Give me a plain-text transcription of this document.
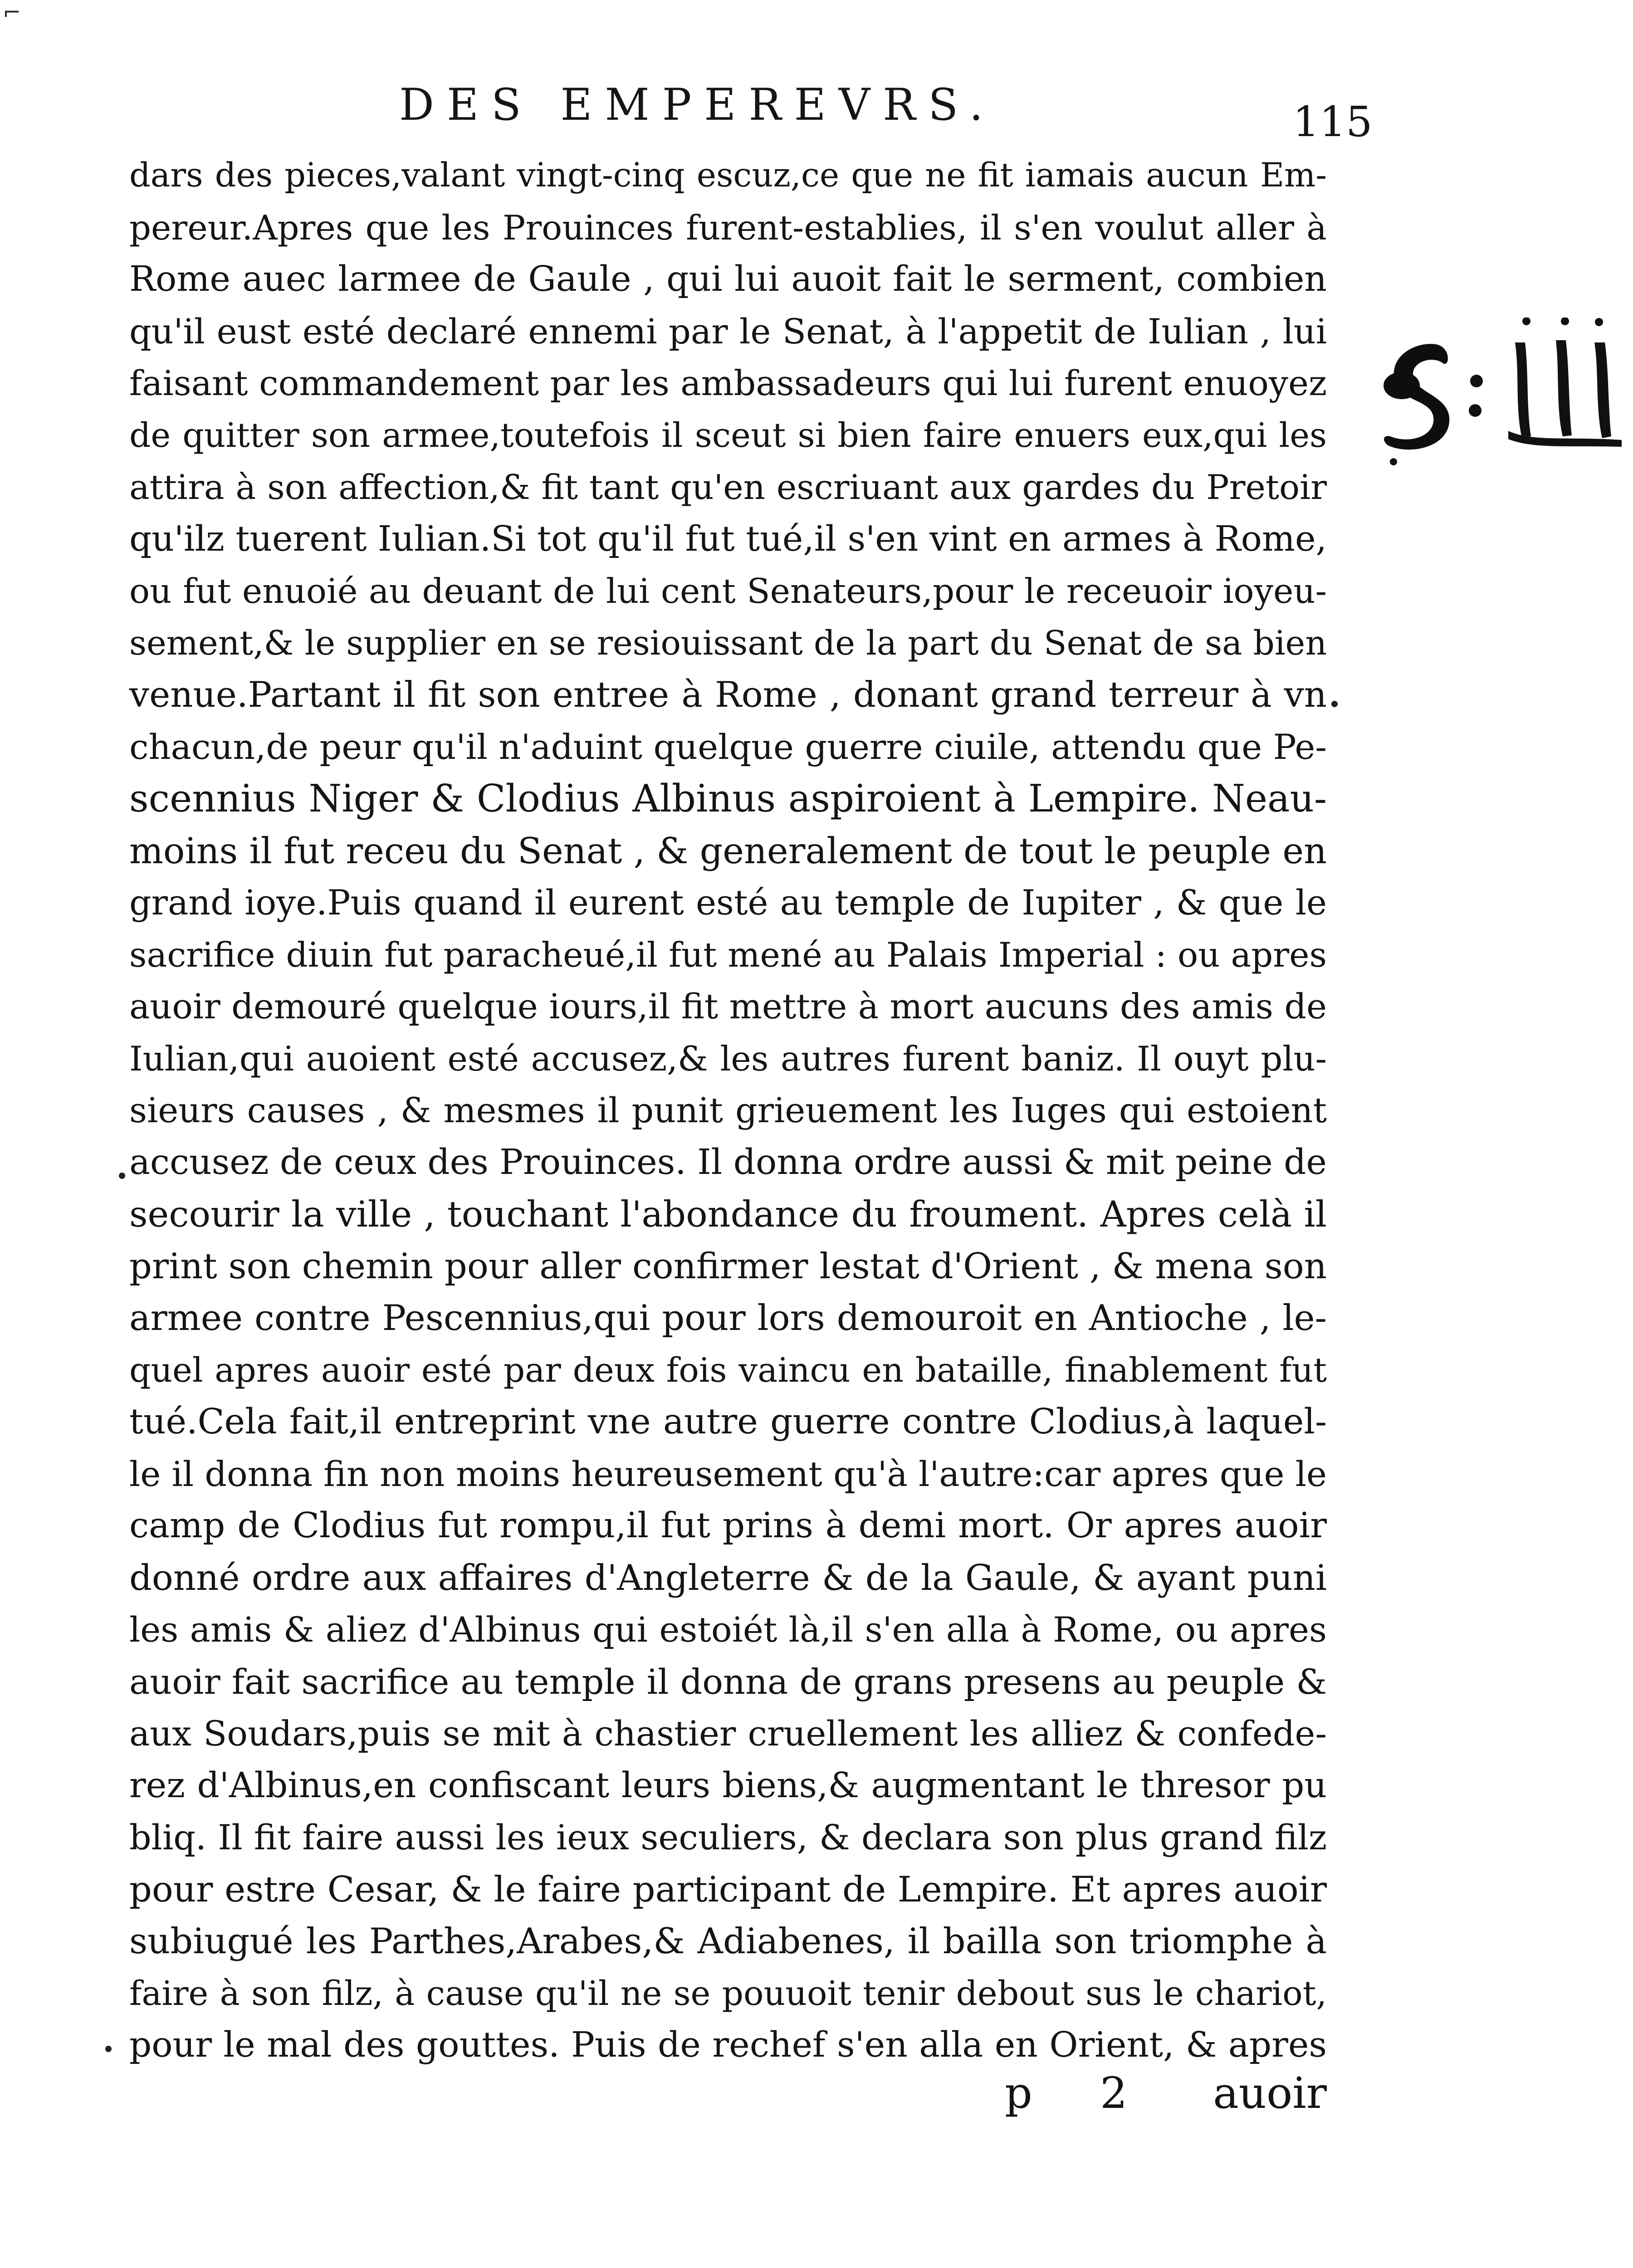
⌐
DES EMPEREVRS.	115
dars des pieces,valant vingt-cinq escuz,ce que ne fit iamais aucun Em-
pereur.Apres que les Prouinces furent-establies, il s'en voulut aller à
Rome auec larmee de Gaule , qui lui auoit fait le serment, combien
qu'il eust esté declaré ennemi par le Senat, à l'appetit de Iulian , lui
faisant commandement par les ambassadeurs qui lui furent enuoyez
de quitter son armee,toutefois il sceut si bien faire enuers eux,qui les
attira à son affection,& fit tant qu'en escriuant aux gardes du Pretoir
qu'ilz tuerent Iulian.Si tot qu'il fut tué,il s'en vint en armes à Rome,
ou fut enuoié au deuant de lui cent Senateurs,pour le receuoir ioyeu-
sement,& le supplier en se resiouissant de la part du Senat de sa bien
venue.Partant il fit son entree à Rome , donant grand terreur à vn
chacun,de peur qu'il n'aduint quelque guerre ciuile, attendu que Pe-
scennius Niger & Clodius Albinus aspiroient à Lempire. Neau-
moins il fut receu du Senat , & generalement de tout le peuple en
grand ioye.Puis quand il eurent esté au temple de Iupiter , & que le
sacrifice diuin fut paracheué,il fut mené au Palais Imperial : ou apres
auoir demouré quelque iours,il fit mettre à mort aucuns des amis de
Iulian,qui auoient esté accusez,& les autres furent baniz. Il ouyt plu-
sieurs causes , & mesmes il punit grieuement les Iuges qui estoient
accusez de ceux des Prouinces. Il donna ordre aussi & mit peine de
secourir la ville , touchant l'abondance du froument. Apres celà il
print son chemin pour aller confirmer lestat d'Orient , & mena son
armee contre Pescennius,qui pour lors demouroit en Antioche , le-
quel apres auoir esté par deux fois vaincu en bataille, finablement fut
tué.Cela fait,il entreprint vne autre guerre contre Clodius,à laquel-
le il donna fin non moins heureusement qu'à l'autre:car apres que le
camp de Clodius fut rompu,il fut prins à demi mort. Or apres auoir
donné ordre aux affaires d'Angleterre & de la Gaule, & ayant puni
les amis & aliez d'Albinus qui estoiét là,il s'en alla à Rome, ou apres
auoir fait sacrifice au temple il donna de grans presens au peuple &
aux Soudars,puis se mit à chastier cruellement les alliez & confede-
rez d'Albinus,en confiscant leurs biens,& augmentant le thresor pu
bliq. Il fit faire aussi les ieux seculiers, & declara son plus grand filz
pour estre Cesar, & le faire participant de Lempire. Et apres auoir
subiugué les Parthes,Arabes,& Adiabenes, il bailla son triomphe à
faire à son filz, à cause qu'il ne se pouuoit tenir debout sus le chariot,
pour le mal des gouttes. Puis de rechef s'en alla en Orient, & apres
p 2 auoir
